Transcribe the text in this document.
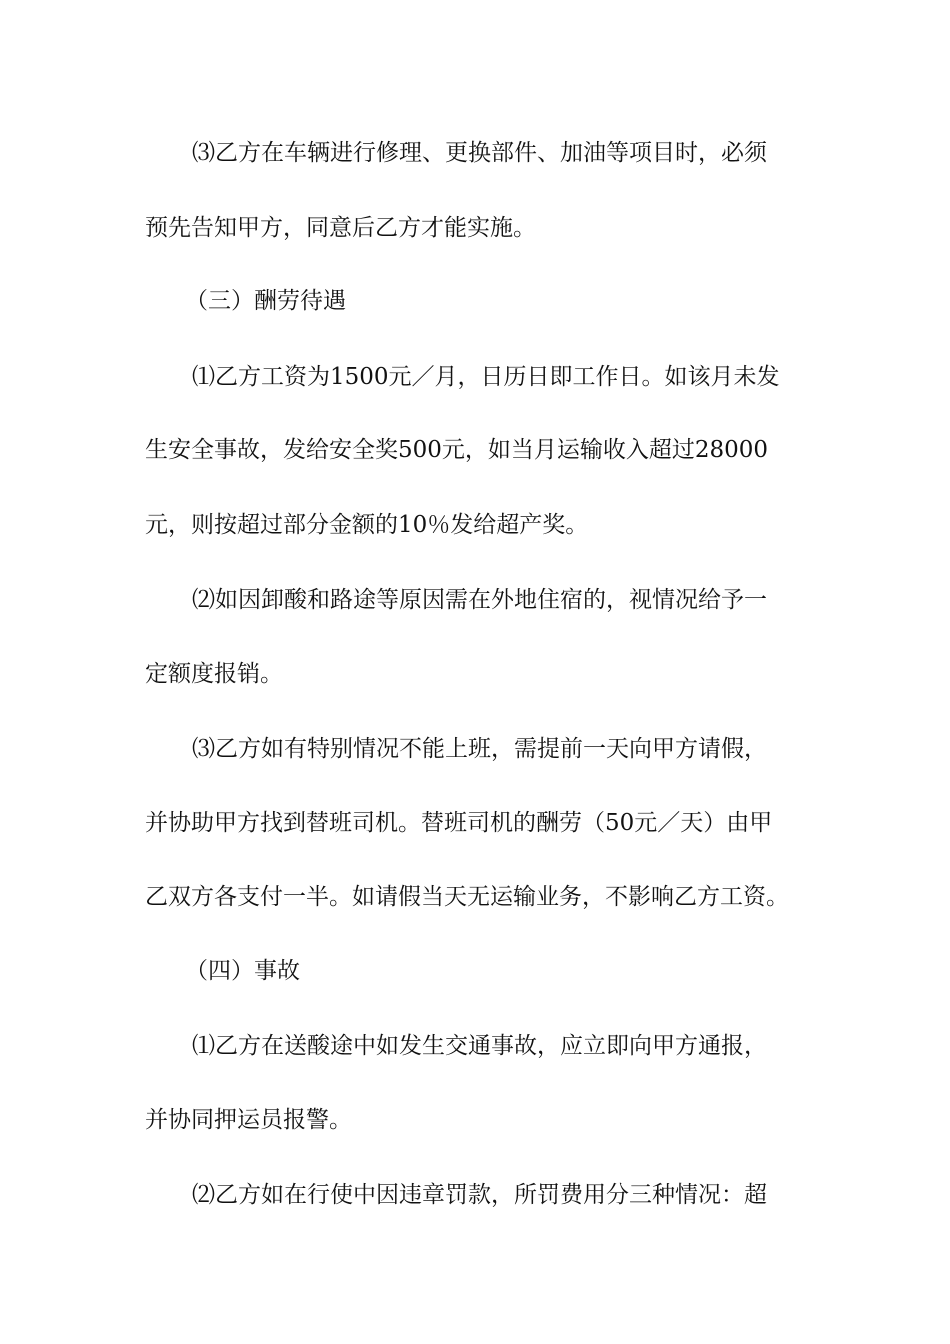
⑶乙方在车辆进行修理、更换部件、加油等项目时，必须
预先告知甲方，同意后乙方才能实施。
（三）酬劳待遇
⑴乙方工资为1500元／月，日历日即工作日。如该月未发
生安全事故，发给安全奖500元，如当月运输收入超过28000
元，则按超过部分金额的10％发给超产奖。
⑵如因卸酸和路途等原因需在外地住宿的，视情况给予一
定额度报销。
⑶乙方如有特别情况不能上班，需提前一天向甲方请假，
并协助甲方找到替班司机。替班司机的酬劳（50元／天）由甲
乙双方各支付一半。如请假当天无运输业务，不影响乙方工资。
（四）事故
⑴乙方在送酸途中如发生交通事故，应立即向甲方通报，
并协同押运员报警。
⑵乙方如在行使中因违章罚款，所罚费用分三种情况：超
